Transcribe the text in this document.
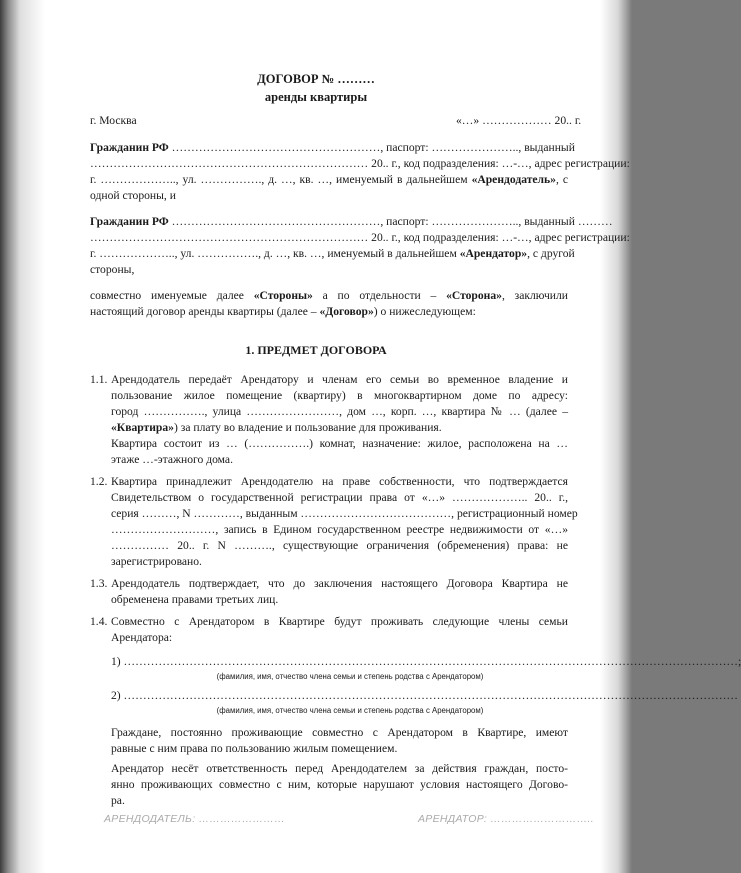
ДОГОВОР № ………
аренды квартиры
г. Москва	«…» ……………… 20.. г.
Гражданин РФ ………………………………………………, паспорт: ………………….., выданный
……………………………………………………………… 20.. г., код подразделения: …-…, адрес регистрации:
г. ……………….., ул. ……………., д. …, кв. …, именуемый в дальнейшем «Арендодатель», с
одной стороны, и
Гражданин РФ ………………………………………………, паспорт: ………………….., выданный ………
……………………………………………………………… 20.. г., код подразделения: …-…, адрес регистрации:
г. ……………….., ул. ……………., д. …, кв. …, именуемый в дальнейшем «Арендатор», с другой
стороны,
совместно именуемые далее «Стороны» а по отдельности – «Сторона», заключили
настоящий договор аренды квартиры (далее – «Договор») о нижеследующем:
1. ПРЕДМЕТ ДОГОВОРА
1.1. Арендодатель передаёт Арендатору и членам его семьи во временное владение и
пользование жилое помещение (квартиру) в многоквартирном доме по адресу:
город ……………., улица ……………………, дом …, корп. …, квартира № … (далее –
«Квартира») за плату во владение и пользование для проживания.
Квартира состоит из … (…………….) комнат, назначение: жилое, расположена на …
этаже …-этажного дома.
1.2. Квартира принадлежит Арендодателю на праве собственности, что подтверждается
Свидетельством о государственной регистрации права от «…» ……………….. 20.. г.,
серия ………, N …………, выданным …………………………………, регистрационный номер
………………………, запись в Едином государственном реестре недвижимости от «…»
…………… 20.. г. N ………., существующие ограничения (обременения) права: не
зарегистрировано.
1.3. Арендодатель подтверждает, что до заключения настоящего Договора Квартира не
обременена правами третьих лиц.
1.4. Совместно с Арендатором в Квартире будут проживать следующие члены семьи
Арендатора:
1) ……………………………………………………………………………………………………………………………………………;
(фамилия, имя, отчество члена семьи и степень родства с Арендатором)
2) ……………………………………………………………………………………………………………………………………………
(фамилия, имя, отчество члена семьи и степень родства с Арендатором)
Граждане, постоянно проживающие совместно с Арендатором в Квартире, имеют
равные с ним права по пользованию жилым помещением.
Арендатор несёт ответственность перед Арендодателем за действия граждан, посто-
янно проживающих совместно с ним, которые нарушают условия настоящего Догово-
ра.
АРЕНДОДАТЕЛЬ: ……………………	АРЕНДАТОР: ………………………..
